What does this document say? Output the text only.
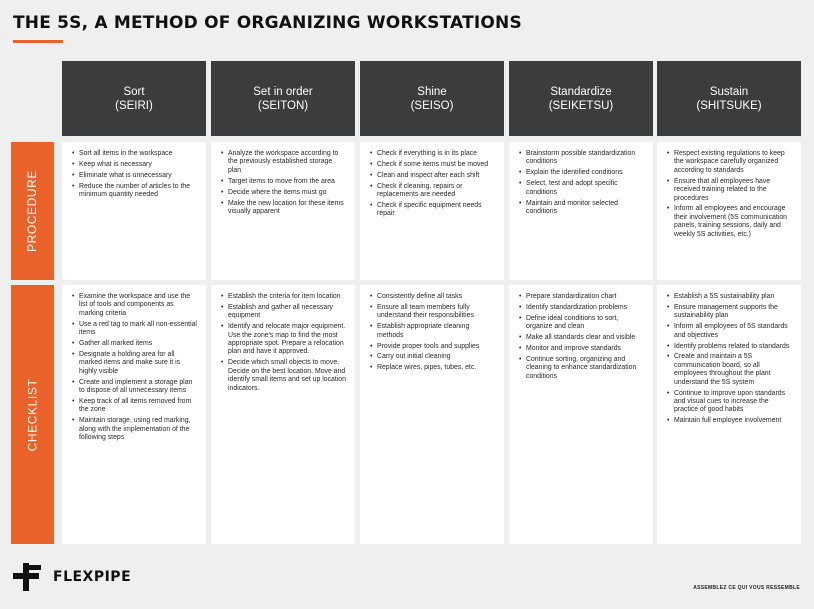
THE 5S, A METHOD OF ORGANIZING WORKSTATIONS
Sort
(SEIRI)
Set in order
(SEITON)
Shine
(SEISO)
Standardize
(SEIKETSU)
Sustain
(SHITSUKE)
PROCEDURE
• Sort all items in the workspace
• Keep what is necessary
• Eliminate what is unnecessary
• Reduce the number of articles to the minimum quantity needed
• Analyze the workspace according to the previously established storage plan
• Target items to move from the area
• Decide where the items must go
• Make the new location for these items visually apparent
• Check if everything is in its place
• Check if some items must be moved
• Clean and inspect after each shift
• Check if cleaning, repairs or replacements are needed
• Check if specific equipment needs repair
• Brainstorm possible standardization conditions
• Explain the identified conditions
• Select, test and adopt specific conditions
• Maintain and monitor selected conditions
• Respect existing regulations to keep the workspace carefully organized according to standards
• Ensure that all employees have received training related to the procedures
• Inform all employees and encourage their involvement (5S communication panels, training sessions, daily and weekly 5S activities, etc.)
CHECKLIST
• Examine the workspace and use the list of tools and components as marking criteria
• Use a red tag to mark all non-essential items
• Gather all marked items
• Designate a holding area for all marked items and make sure it is highly visible
• Create and implement a storage plan to dispose of all unnecessary items
• Keep track of all items removed from the zone
• Maintain storage, using red marking, along with the implementation of the following steps
• Establish the criteria for item location
• Establish and gather all necessary equipment
• Identify and relocate major equipment. Use the zone's map to find the most appropriate spot. Prepare a relocation plan and have it approved.
• Decide which small objects to move. Decide on the best location. Move and identify small items and set up location indicators.
• Consistently define all tasks
• Ensure all team members fully understand their responsibilities
• Establish appropriate cleaning methods
• Provide proper tools and supplies
• Carry out initial cleaning
• Replace wires, pipes, tubes, etc.
• Prepare standardization chart
• Identify standardization problems
• Define ideal conditions to sort, organize and clean
• Make all standards clear and visible
• Monitor and improve standards
• Continue sorting, organizing and cleaning to enhance standardization conditions
• Establish a 5S sustainability plan
• Ensure management supports the sustainability plan
• Inform all employees of 5S standards and objectives
• Identify problems related to standards
• Create and maintain a 5S communication board, so all employees throughout the plant understand the 5S system
• Continue to improve upon standards and visual cues to increase the practice of good habits
• Maintain full employee involvement
FLEXPIPE
ASSEMBLEZ CE QUI VOUS RESSEMBLE
